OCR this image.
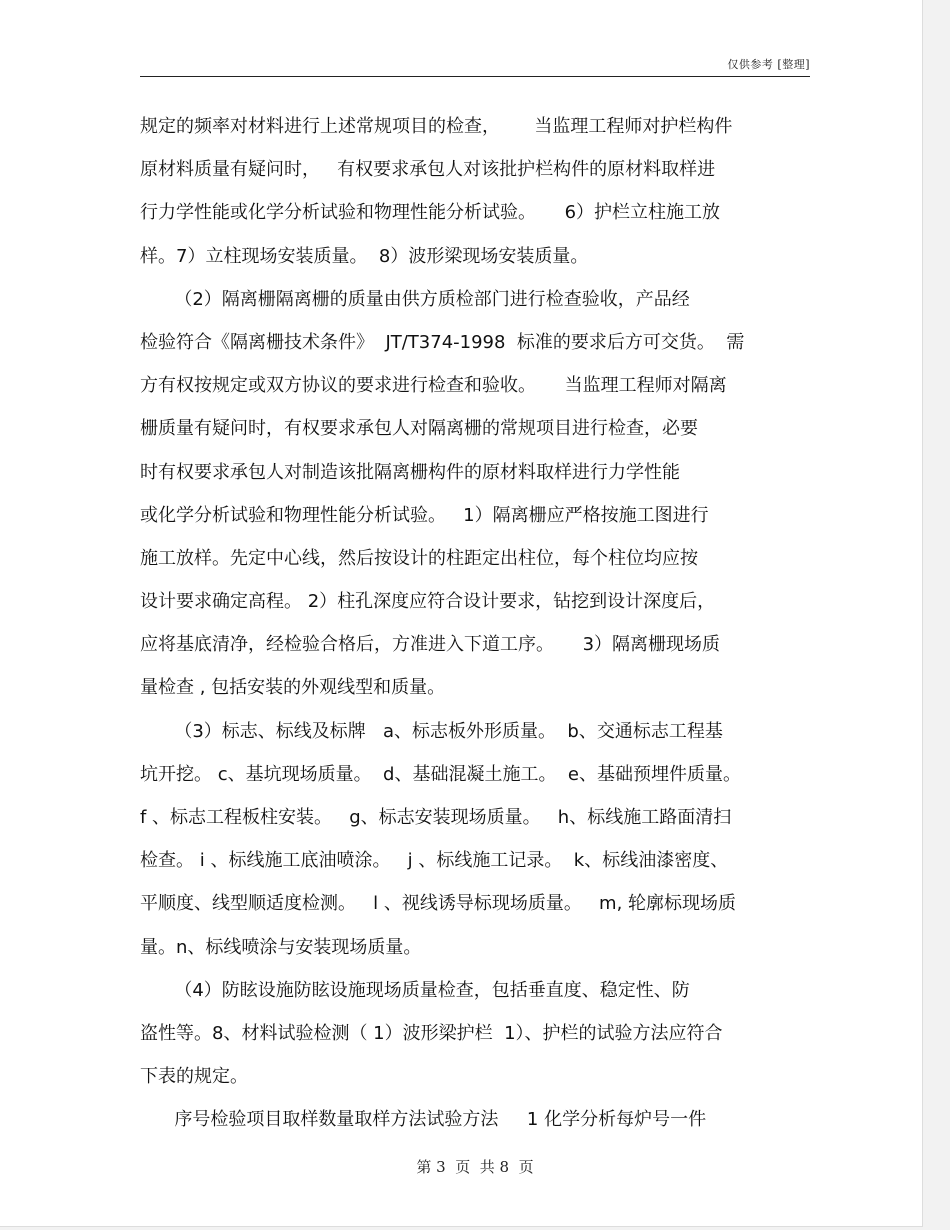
仅供参考 [整理]
规定的频率对材料进行上述常规项目的检查，      当监理工程师对护栏构件
原材料质量有疑问时，   有权要求承包人对该批护栏构件的原材料取样进
行力学性能或化学分析试验和物理性能分析试验。     6）护栏立柱施工放
样。7）立柱现场安装质量。  8）波形梁现场安装质量。
（2）隔离栅隔离栅的质量由供方质检部门进行检查验收，产品经
检验符合《隔离栅技术条件》  JT/T374-1998  标准的要求后方可交货。  需
方有权按规定或双方协议的要求进行检查和验收。     当监理工程师对隔离
栅质量有疑问时，有权要求承包人对隔离栅的常规项目进行检查，必要
时有权要求承包人对制造该批隔离栅构件的原材料取样进行力学性能
或化学分析试验和物理性能分析试验。   1）隔离栅应严格按施工图进行
施工放样。先定中心线，然后按设计的柱距定出柱位，每个柱位均应按
设计要求确定高程。 2）柱孔深度应符合设计要求，钻挖到设计深度后，
应将基底清净，经检验合格后，方准进入下道工序。     3）隔离栅现场质
量检查 , 包括安装的外观线型和质量。
（3）标志、标线及标牌   a、标志板外形质量。  b、交通标志工程基
坑开挖。 c、基坑现场质量。  d、基础混凝土施工。  e、基础预埋件质量。
f 、标志工程板柱安装。   g、标志安装现场质量。   h、标线施工路面清扫
检查。 i 、标线施工底油喷涂。   j 、标线施工记录。  k、标线油漆密度、
平顺度、线型顺适度检测。   l 、视线诱导标现场质量。   m, 轮廓标现场质
量。n、标线喷涂与安装现场质量。
（4）防眩设施防眩设施现场质量检查，包括垂直度、稳定性、防
盗性等。8、材料试验检测（ 1）波形梁护栏  1）、护栏的试验方法应符合
下表的规定。
序号检验项目取样数量取样方法试验方法     1 化学分析每炉号一件
第 3  页  共 8  页
